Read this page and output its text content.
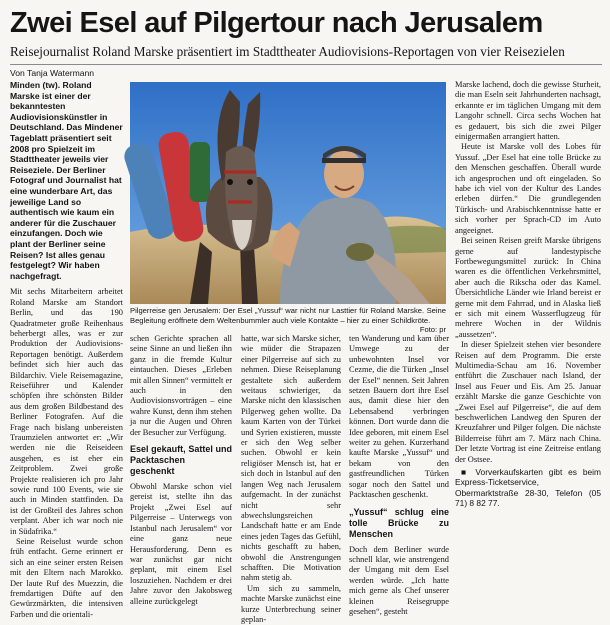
Zwei Esel auf Pilgertour nach Jerusalem
Reisejournalist Roland Marske präsentiert im Stadttheater Audiovisions-Reportagen von vier Reisezielen
Von Tanja Watermann

Minden (tw). Roland Marske ist einer der bekanntesten Audiovisionskünstler in Deutschland. Das Mindener Tageblatt präsentiert seit 2008 pro Spielzeit im Stadttheater jeweils vier Reiseziele. Der Berliner Fotograf und Journalist hat eine wunderbare Art, das jeweilige Land so authentisch wie kaum ein anderer für die Zuschauer einzufangen. Doch wie plant der Berliner seine Reisen? Ist alles genau festgelegt? Wir haben nachgefragt.

Mit sechs Mitarbeitern arbeitet Roland Marske am Standort Berlin, und das 190 Quadratmeter große Reihenhaus beherbergt alles, was er zur Produktion der Audiovisions-Reportagen benötigt. Außerdem befindet sich hier auch das Bildarchiv. Viele Reisemagazine, Reiseführer und Kalender schöpfen ihre schönsten Bilder aus dem großen Bildbestand des Berliner Fotografen. Auf die Frage nach bislang unbereisten Traumzielen antwortet er: „Wir werden nie die Reiseideen ausgehen, es ist eher ein Zeitproblem. Zwei große Projekte realisieren ich pro Jahr sowie rund 100 Events, wie sie auch in Minden stattfinden. Da ist der Großteil des Jahres schon verplant. Aber ich war noch nie in Südafrika.“

Seine Reiselust wurde schon früh entfacht. Gerne erinnert er sich an eine seiner ersten Reisen mit den Eltern nach Marokko. Der laute Ruf des Muezzin, die fremdartigen Düfte auf den Gewürzmärkten, die intensiven Farben und die orientali-

Pilgerreise gen Jerusalem: Der Esel „Yussuf“ war nicht nur Lasttier für Roland Marske. Seine Begleitung eröffnete dem Weltenbummler auch viele Kontakte – hier zu einer Schildkröte.
Foto: pr

schen Gerichte sprachen all seine Sinne an und ließen ihn ganz in die fremde Kultur eintauchen. Dieses „Erleben mit allen Sinnen“ vermittelt er auch in den Audiovisionsvorträgen – eine wahre Kunst, denn ihm stehen ja nur die Augen und Ohren der Besucher zur Verfügung.

Esel gekauft, Sattel und Packtaschen geschenkt

Obwohl Marske schon viel gereist ist, stellte ihn das Projekt „Zwei Esel auf Pilgerreise – Unterwegs von Istanbul nach Jerusalem“ vor eine ganz neue Herausforderung. Denn es war zunächst gar nicht geplant, mit einem Esel loszuziehen. Nachdem er drei Jahre zuvor den Jakobsweg alleine zurückgelegt

hatte, war sich Marske sicher, wie müder die Strapazen einer Pilgerreise auf sich zu nehmen. Diese Reiseplanung gestaltete sich außerdem weitaus schwieriger, da Marske nicht den klassischen Pilgerweg gehen wollte. Da kaum Karten von der Türkei und Syrien existieren, musste er sich den Weg selber suchen. Obwohl er kein religiöser Mensch ist, hat er sich doch in Istanbul auf den langen Weg nach Jerusalem aufgemacht. In der zunächst nicht sehr abwechslungsreichen Landschaft hatte er am Ende eines jeden Tages das Gefühl, nichts geschafft zu haben, obwohl die Anstrengungen schafften. Die Motivation nahm stetig ab.

Um sich zu sammeln, machte Marske zunächst eine kurze Unterbrechung seiner geplan-

ten Wanderung und kam über Umwege zu der unbewohnten Insel vor Cezme, die die Türken „Insel der Esel“ nennen. Seit Jahren setzen Bauern dort ihre Esel aus, damit diese hier den Lebensabend verbringen können. Dort wurde dann die Idee geboren, mit einem Esel weiter zu gehen. Kurzerhand kaufte Marske „Yussuf“ und bekam von den gastfreundlichen Türken sogar noch den Sattel und Packtaschen geschenkt.

„Yussuf“ schlug eine tolle Brücke zu Menschen

Doch dem Berliner wurde schnell klar, wie anstrengend der Umgang mit dem Esel werden würde. „Ich hatte mich gerne als Chef unserer kleinen Reisegruppe gesehen“, gesteht

Marske lachend, doch die gewisse Sturheit, die man Eseln seit Jahrhunderten nachsagt, erkannte er im täglichen Umgang mit dem Langohr schnell. Circa sechs Wochen hat es gedauert, bis sich die zwei Pilger einigermaßen arrangiert hatten.

Heute ist Marske voll des Lobes für Yussuf. „Der Esel hat eine tolle Brücke zu den Menschen geschaffen. Überall wurde ich angesprochen und oft eingeladen. So habe ich viel von der Kultur des Landes erleben dürfen.“ Die grundlegenden Türkisch- und Arabischkenntnisse hatte er sich vorher per Sprach-CD im Auto angeeignet.

Bei seinen Reisen greift Marske übrigens gerne auf landestypische Fortbewegungsmittel zurück: In China waren es die öffentlichen Verkehrsmittel, aber auch die Rikscha oder das Kamel. Übersichtliche Länder wie Irland bereist er gerne mit dem Fahrrad, und in Alaska ließ er sich mit einem Wasserflugzeug für mehrere Wochen in der Wildnis „aussetzen“.

In dieser Spielzeit stehen vier besondere Reisen auf dem Programm. Die erste Multimedia-Schau am 16. November entführt die Zuschauer nach Island, der Insel aus Feuer und Eis. Am 25. Januar erzählt Marske die ganze Geschichte von „Zwei Esel auf Pilgerreise“, die auf dem beschwerlichen Landweg den Spuren der Kreuzfahrer und Pilger folgen. Die nächste Bilderreise führt am 7. März nach China. Der letzte Vortrag ist eine Zeitreise entlang der Ostsee.

■ Vorverkaufskarten gibt es beim Express-Ticketservice, Obermarktstraße 28-30, Telefon (05 71) 8 82 77.
